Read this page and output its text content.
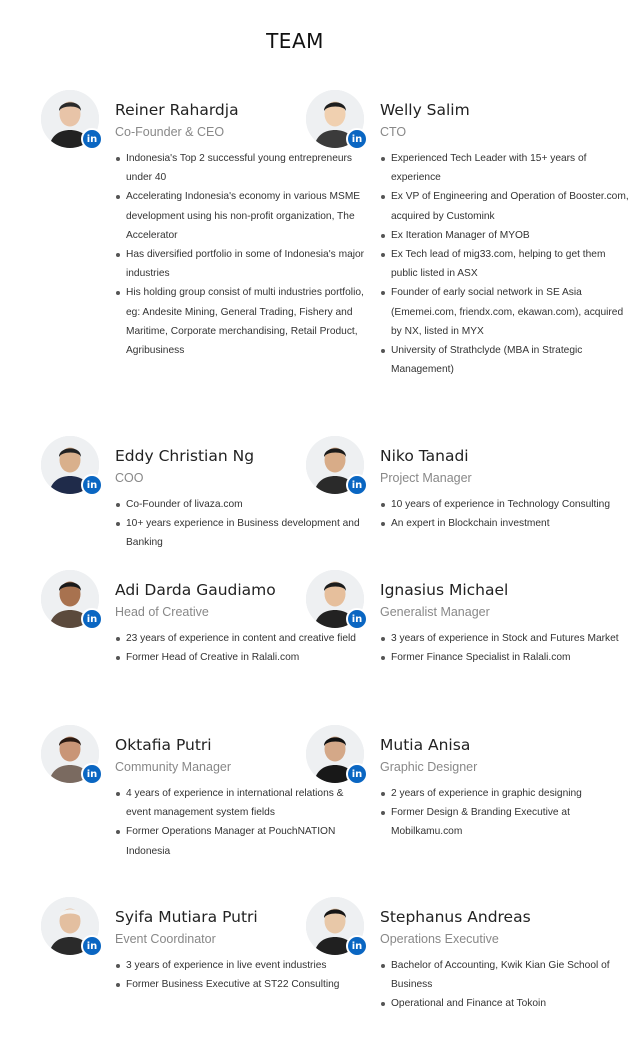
TEAM
in
Reiner Rahardja
Co-Founder & CEO
Indonesia's Top 2 successful young entrepreneurs under 40
Accelerating Indonesia's economy in various MSME development using his non-profit organization, The Accelerator
Has diversified portfolio in some of Indonesia's major industries
His holding group consist of multi industries portfolio, eg: Andesite Mining, General Trading, Fishery and Maritime, Corporate merchandising, Retail Product, Agribusiness
in
Welly Salim
CTO
Experienced Tech Leader with 15+ years of experience
Ex VP of Engineering and Operation of Booster.com, acquired by Customink
Ex Iteration Manager of MYOB
Ex Tech lead of mig33.com, helping to get them public listed in ASX
Founder of early social network in SE Asia (Ememei.com, friendx.com, ekawan.com), acquired by NX, listed in MYX
University of Strathclyde (MBA in Strategic Management)
in
Eddy Christian Ng
COO
Co-Founder of livaza.com
10+ years experience in Business development and Banking
in
Niko Tanadi
Project Manager
10 years of experience in Technology Consulting
An expert in Blockchain investment
in
Adi Darda Gaudiamo
Head of Creative
23 years of experience in content and creative field
Former Head of Creative in Ralali.com
in
Ignasius Michael
Generalist Manager
3 years of experience in Stock and Futures Market
Former Finance Specialist in Ralali.com
in
Oktafia Putri
Community Manager
4 years of experience in international relations & event management system fields
Former Operations Manager at PouchNATION Indonesia
in
Mutia Anisa
Graphic Designer
2 years of experience in graphic designing
Former Design & Branding Executive at Mobilkamu.com
in
Syifa Mutiara Putri
Event Coordinator
3 years of experience in live event industries
Former Business Executive at ST22 Consulting
in
Stephanus Andreas
Operations Executive
Bachelor of Accounting, Kwik Kian Gie School of Business
Operational and Finance at Tokoin
